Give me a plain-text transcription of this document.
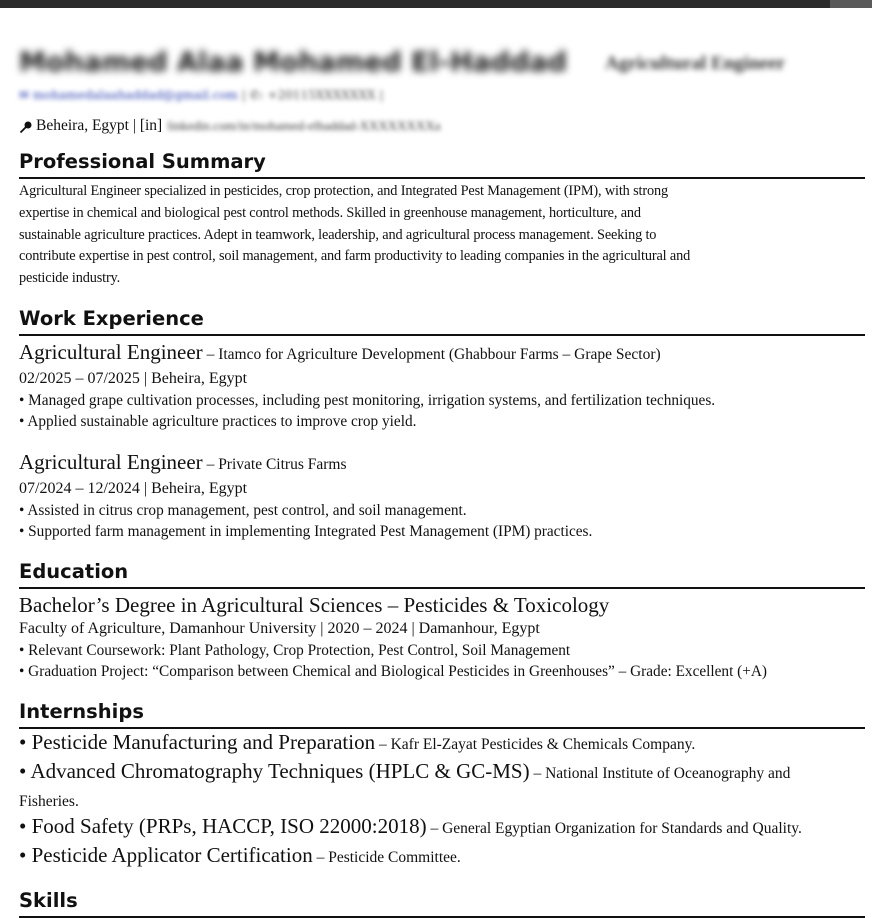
Mohamed Alaa Mohamed El-Haddad Agricultural Engineer
✉ mohamedalaahaddad@gmail.com | ✆: +20115XXXXXXX |
Beheira, Egypt | [in] linkedin.com/in/mohamed-elhaddad-XXXXXXXXa
Professional Summary
Agricultural Engineer specialized in pesticides, crop protection, and Integrated Pest Management (IPM), with strong
expertise in chemical and biological pest control methods. Skilled in greenhouse management, horticulture, and
sustainable agriculture practices. Adept in teamwork, leadership, and agricultural process management. Seeking to
contribute expertise in pest control, soil management, and farm productivity to leading companies in the agricultural and
pesticide industry.
Work Experience
Agricultural Engineer – Itamco for Agriculture Development (Ghabbour Farms – Grape Sector)
02/2025 – 07/2025 | Beheira, Egypt
• Managed grape cultivation processes, including pest monitoring, irrigation systems, and fertilization techniques.
• Applied sustainable agriculture practices to improve crop yield.
Agricultural Engineer – Private Citrus Farms
07/2024 – 12/2024 | Beheira, Egypt
• Assisted in citrus crop management, pest control, and soil management.
• Supported farm management in implementing Integrated Pest Management (IPM) practices.
Education
Bachelor’s Degree in Agricultural Sciences – Pesticides & Toxicology
Faculty of Agriculture, Damanhour University | 2020 – 2024 | Damanhour, Egypt
• Relevant Coursework: Plant Pathology, Crop Protection, Pest Control, Soil Management
• Graduation Project: “Comparison between Chemical and Biological Pesticides in Greenhouses” – Grade: Excellent (+A)
Internships
• Pesticide Manufacturing and Preparation – Kafr El-Zayat Pesticides & Chemicals Company.
• Advanced Chromatography Techniques (HPLC & GC-MS) – National Institute of Oceanography and
Fisheries.
• Food Safety (PRPs, HACCP, ISO 22000:2018) – General Egyptian Organization for Standards and Quality.
• Pesticide Applicator Certification – Pesticide Committee.
Skills
